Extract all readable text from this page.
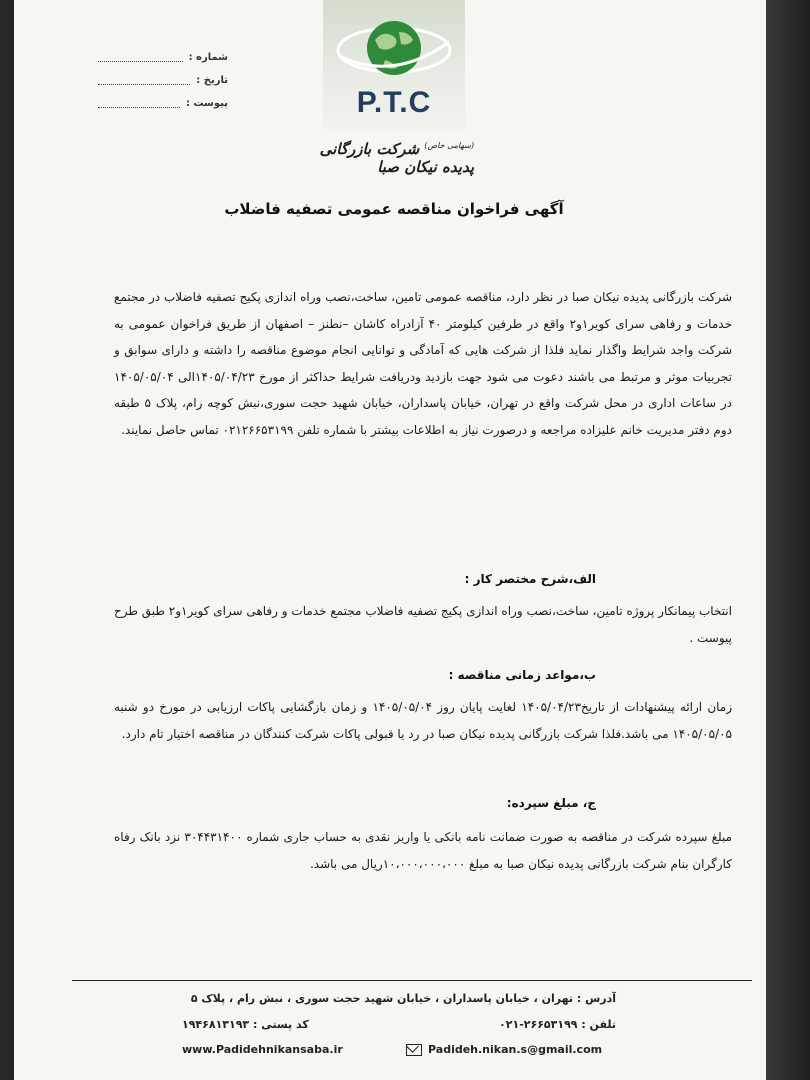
P.T.C
$^{(سهامی خاص)}$ شرکت بازرگانی پدیده نیکان صبا
شماره :
تاریخ :
پیوست :
آگهی فراخوان مناقصه عمومی تصفیه فاضلاب

شرکت بازرگانی پدیده نیکان صبا در نظر دارد، مناقصه عمومی تامین، ساخت،نصب وراه اندازی پکیج تصفیه فاضلاب در مجتمع خدمات و رفاهی سرای کویر۱و۲ واقع در طرفین کیلومتر ۴۰ آزادراه کاشان –نطنز – اصفهان از طریق فراخوان عمومی به شرکت واجد شرایط واگذار نماید فلذا از شرکت هایی که آمادگی و توانایی انجام موضوع مناقصه را داشته و دارای سوابق و تجربیات موثر و مرتبط می باشند دعوت می شود جهت بازدید ودریافت شرایط حداکثر از مورخ ۱۴۰۵/۰۴/۲۳الی ۱۴۰۵/۰۵/۰۴ در ساعات اداری در محل شرکت واقع در تهران، خیابان پاسداران، خیابان شهید حجت سوری،نبش کوچه رام، پلاک ۵ طبقه دوم دفتر مدیریت خانم علیزاده مراجعه و درصورت نیاز به اطلاعات بیشتر با شماره تلفن ۰۲۱۲۶۶۵۳۱۹۹ تماس حاصل نمایند.

الف،شرح مختصر کار :

انتخاب پیمانکار پروژه تامین، ساخت،نصب وراه اندازی پکیج تصفیه فاضلاب مجتمع خدمات و رفاهی سرای کویر۱و۲ طبق طرح پیوست .

ب،مواعد زمانی مناقصه :

زمان ارائه پیشنهادات از تاریخ۱۴۰۵/۰۴/۲۳ لغایت پایان روز ۱۴۰۵/۰۵/۰۴ و زمان بازگشایی پاکات ارزیابی در مورخ دو شنبه ۱۴۰۵/۰۵/۰۵ می باشد.فلذا شرکت بازرگانی پدیده نیکان صبا در رد یا قبولی پاکات شرکت کنندگان در مناقصه اختیار تام دارد.

ج، مبلغ سپرده:

مبلغ سپرده شرکت در مناقصه به صورت ضمانت نامه بانکی یا واریز نقدی به حساب جاری شماره ۳۰۴۴۳۱۴۰۰ نزد بانک رفاه کارگران بنام شرکت بازرگانی پدیده نیکان صبا به مبلغ ۱۰،۰۰۰،۰۰۰،۰۰۰ریال می باشد.

آدرس : تهران ، خیابان پاسداران ، خیابان شهید حجت سوری ، نبش رام ، پلاک ۵
تلفن : ۲۶۶۵۳۱۹۹-۰۲۱
کد پستی : ۱۹۴۶۸۱۳۱۹۳
Padideh.nikan.s@gmail.com
www.Padidehnikansaba.ir
